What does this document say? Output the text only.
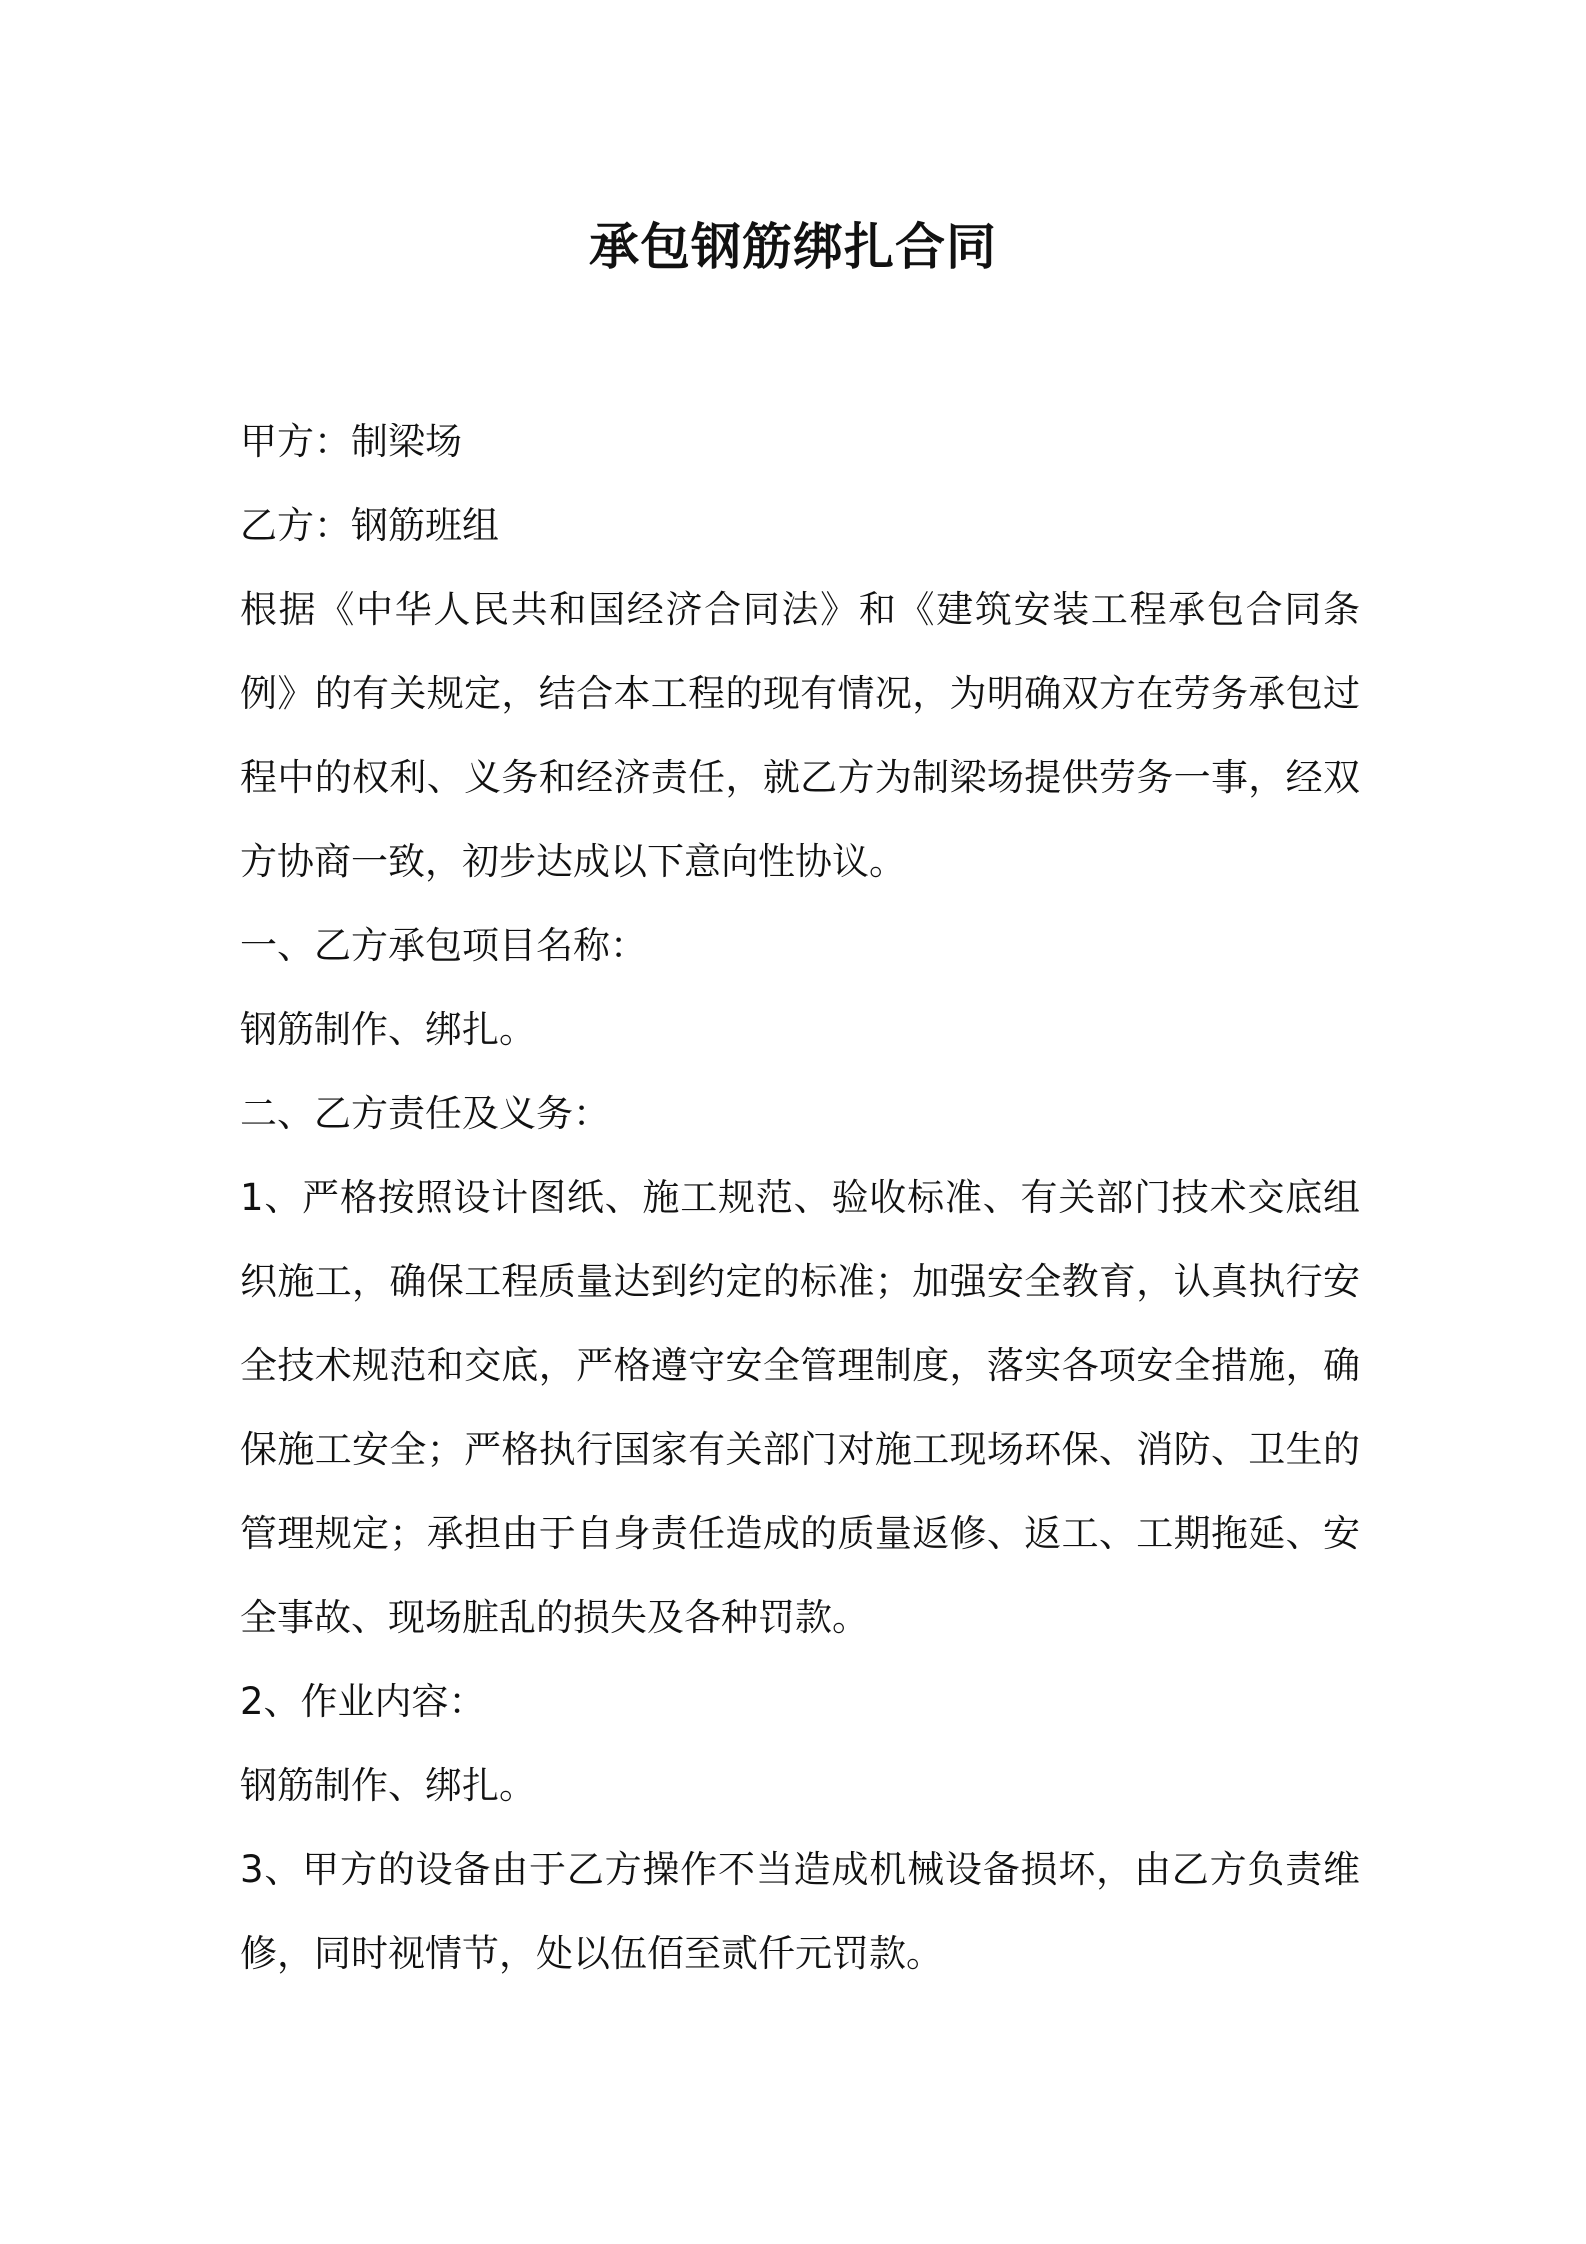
承包钢筋绑扎合同

甲方：制梁场

乙方：钢筋班组

根据《中华人民共和国经济合同法》和《建筑安装工程承包合同条例》的有关规定，结合本工程的现有情况，为明确双方在劳务承包过程中的权利、义务和经济责任，就乙方为制梁场提供劳务一事，经双方协商一致，初步达成以下意向性协议。

一、乙方承包项目名称：

钢筋制作、绑扎。

二、乙方责任及义务：

1、严格按照设计图纸、施工规范、验收标准、有关部门技术交底组织施工，确保工程质量达到约定的标准；加强安全教育，认真执行安全技术规范和交底，严格遵守安全管理制度，落实各项安全措施，确保施工安全；严格执行国家有关部门对施工现场环保、消防、卫生的管理规定；承担由于自身责任造成的质量返修、返工、工期拖延、安全事故、现场脏乱的损失及各种罚款。

2、作业内容：

钢筋制作、绑扎。

3、甲方的设备由于乙方操作不当造成机械设备损坏，由乙方负责维修，同时视情节，处以伍佰至贰仟元罚款。
